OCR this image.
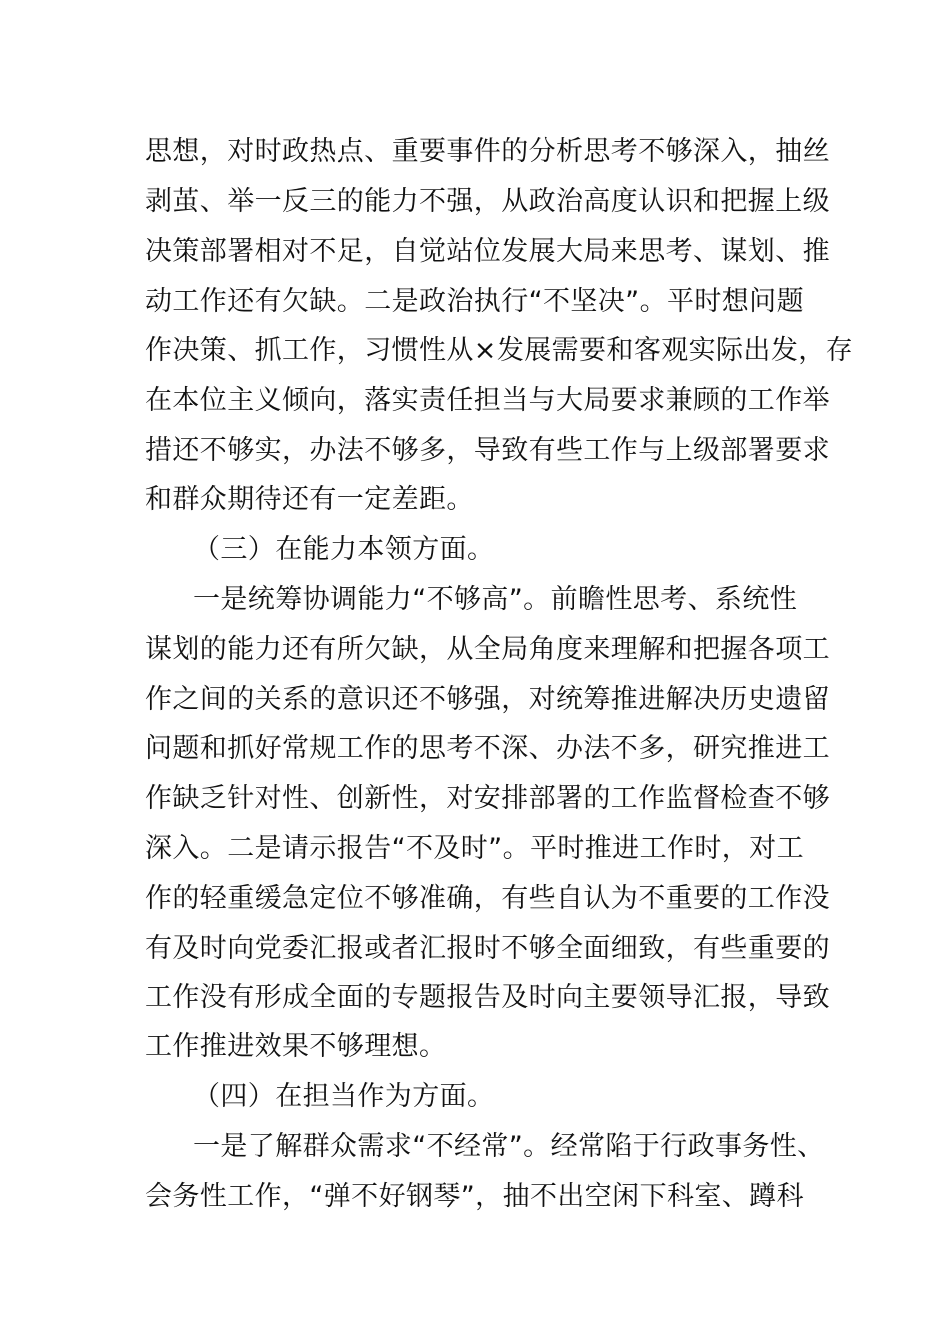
思想，对时政热点、重要事件的分析思考不够深入，抽丝
剥茧、举一反三的能力不强，从政治高度认识和把握上级
决策部署相对不足，自觉站位发展大局来思考、谋划、推
动工作还有欠缺。二是政治执行“不坚决”。平时想问题
作决策、抓工作，习惯性从×发展需要和客观实际出发，存
在本位主义倾向，落实责任担当与大局要求兼顾的工作举
措还不够实，办法不够多，导致有些工作与上级部署要求
和群众期待还有一定差距。
（三）在能力本领方面。
一是统筹协调能力“不够高”。前瞻性思考、系统性
谋划的能力还有所欠缺，从全局角度来理解和把握各项工
作之间的关系的意识还不够强，对统筹推进解决历史遗留
问题和抓好常规工作的思考不深、办法不多，研究推进工
作缺乏针对性、创新性，对安排部署的工作监督检查不够
深入。二是请示报告“不及时”。平时推进工作时，对工
作的轻重缓急定位不够准确，有些自认为不重要的工作没
有及时向党委汇报或者汇报时不够全面细致，有些重要的
工作没有形成全面的专题报告及时向主要领导汇报，导致
工作推进效果不够理想。
（四）在担当作为方面。
一是了解群众需求“不经常”。经常陷于行政事务性、
会务性工作，“弹不好钢琴”，抽不出空闲下科室、蹲科
